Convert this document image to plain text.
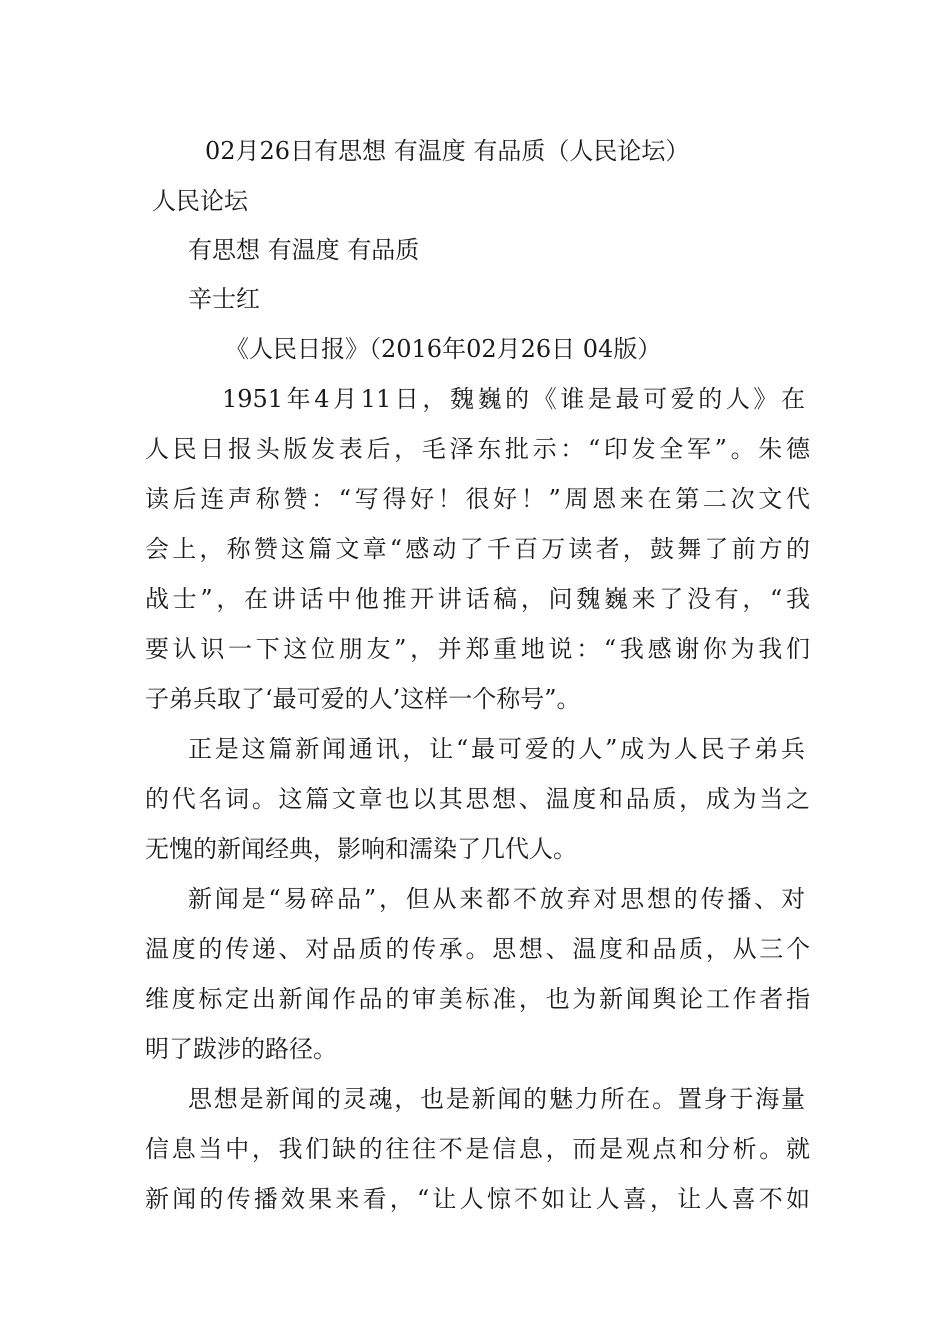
02月26日有思想 有温度 有品质（人民论坛）
人民论坛
有思想 有温度 有品质
辛士红
《人民日报》（2016年02月26日 04版）
1951年4月11日，魏巍的《谁是最可爱的人》在
人民日报头版发表后，毛泽东批示：“印发全军”。朱德
读后连声称赞：“写得好！很好！”周恩来在第二次文代
会上，称赞这篇文章“感动了千百万读者，鼓舞了前方的
战士”，在讲话中他推开讲话稿，问魏巍来了没有，“我
要认识一下这位朋友”，并郑重地说：“我感谢你为我们
子弟兵取了‘最可爱的人’这样一个称号”。
正是这篇新闻通讯，让“最可爱的人”成为人民子弟兵
的代名词。这篇文章也以其思想、温度和品质，成为当之
无愧的新闻经典，影响和濡染了几代人。
新闻是“易碎品”，但从来都不放弃对思想的传播、对
温度的传递、对品质的传承。思想、温度和品质，从三个
维度标定出新闻作品的审美标准，也为新闻舆论工作者指
明了跋涉的路径。
思想是新闻的灵魂，也是新闻的魅力所在。置身于海量
信息当中，我们缺的往往不是信息，而是观点和分析。就
新闻的传播效果来看，“让人惊不如让人喜，让人喜不如
